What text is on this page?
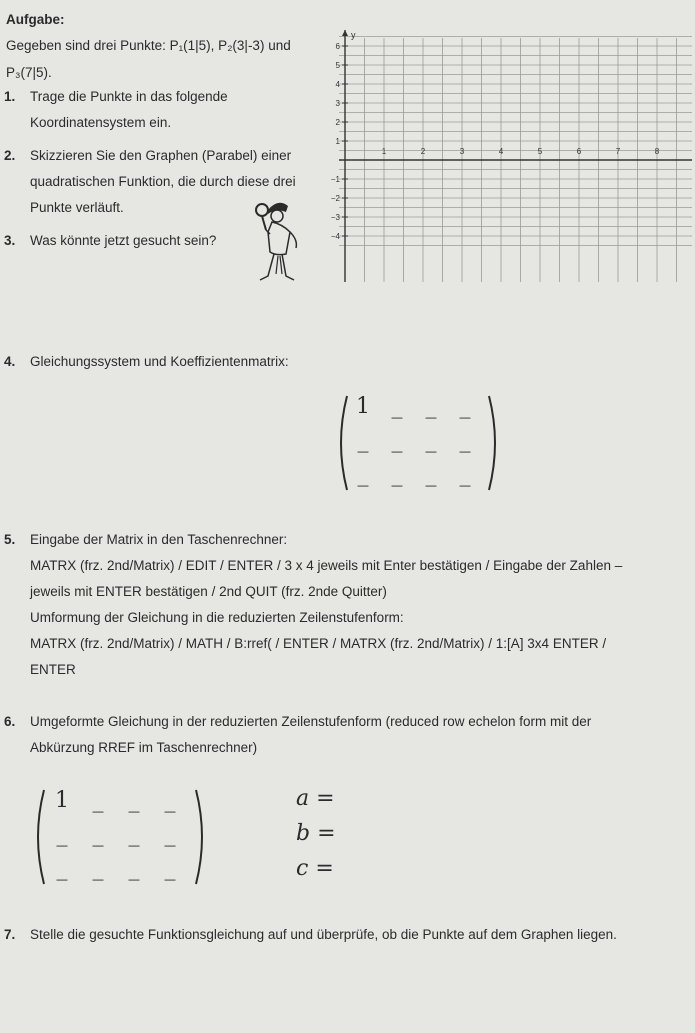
Aufgabe:
Gegeben sind drei Punkte: P₁(1|5), P₂(3|-3) und
P₃(7|5).
1. Trage die Punkte in das folgende
Koordinatensystem ein.
2. Skizzieren Sie den Graphen (Parabel) einer
quadratischen Funktion, die durch diese drei
Punkte verläuft.
3. Was könnte jetzt gesucht sein?
1	2	3	4	5	6	7	8
6
5
4
3
2
1
−1
−2
−3
−4
y
4. Gleichungssystem und Koeffizientenmatrix:
1 _ _ _
_ _ _ _
_ _ _ _
5. Eingabe der Matrix in den Taschenrechner:
MATRX (frz. 2nd/Matrix) / EDIT / ENTER / 3 x 4 jeweils mit Enter bestätigen / Eingabe der Zahlen –
jeweils mit ENTER bestätigen / 2nd QUIT (frz. 2nde Quitter)
Umformung der Gleichung in die reduzierten Zeilenstufenform:
MATRX (frz. 2nd/Matrix) / MATH / B:rref( / ENTER / MATRX (frz. 2nd/Matrix) / 1:[A] 3x4 ENTER /
ENTER
6. Umgeformte Gleichung in der reduzierten Zeilenstufenform (reduced row echelon form mit der
Abkürzung RREF im Taschenrechner)
1 _ _ _
_ _ _ _
_ _ _ _
a =
b =
c =
7. Stelle die gesuchte Funktionsgleichung auf und überprüfe, ob die Punkte auf dem Graphen liegen.
